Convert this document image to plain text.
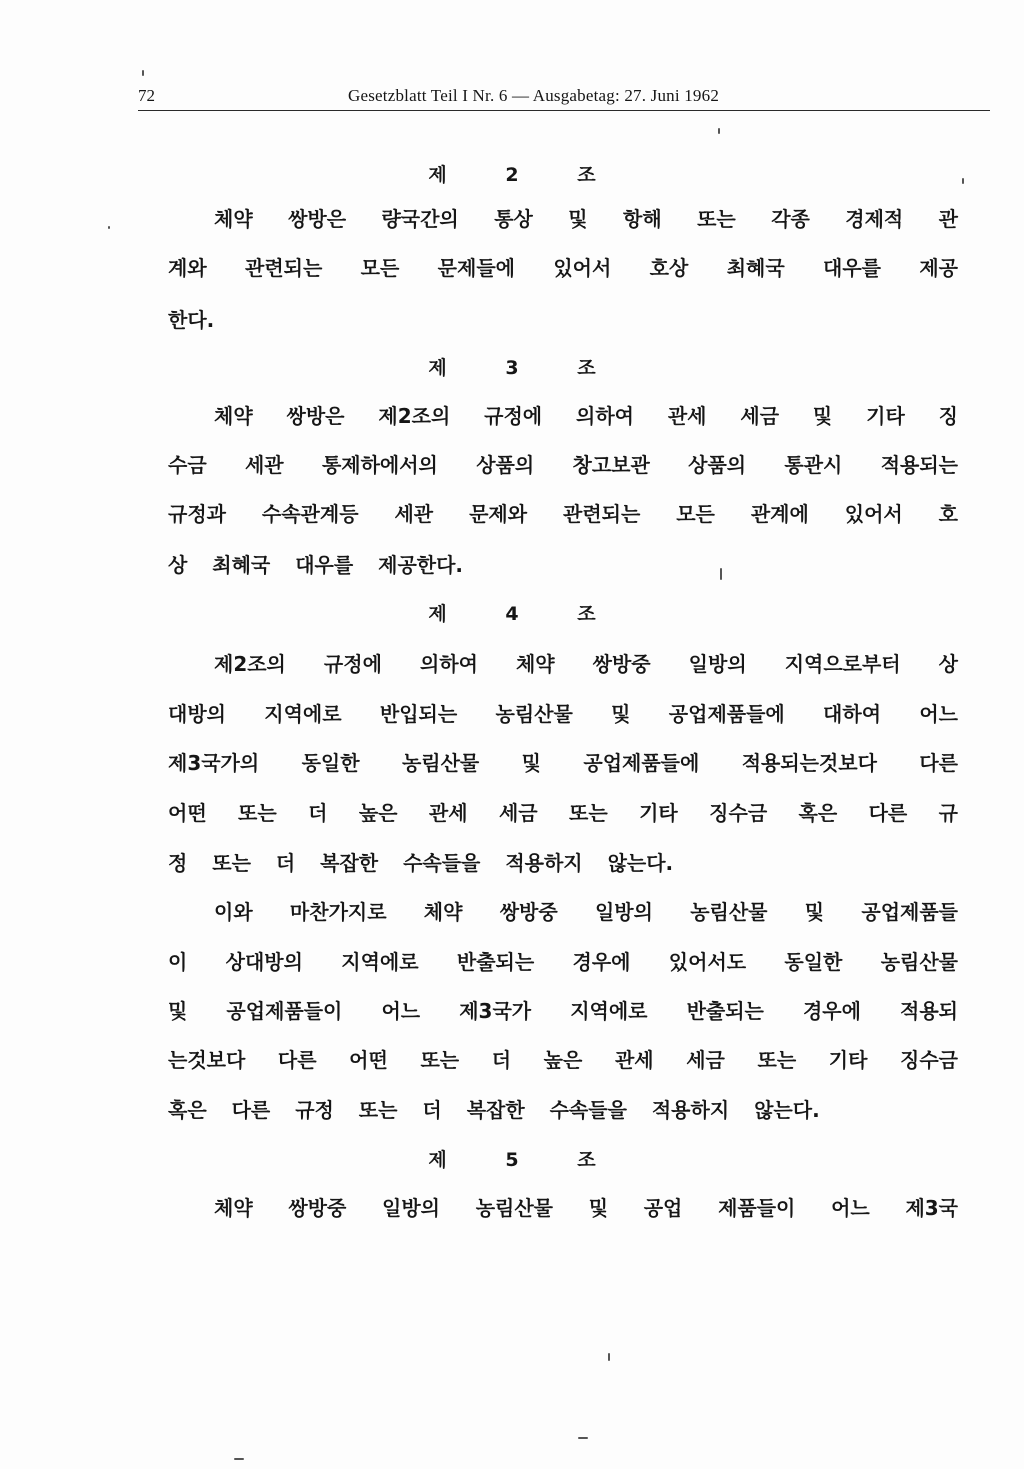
72	Gesetzblatt Teil I Nr. 6 — Ausgabetag: 27. Juni 1962
제 2 조
체약 쌍방은 량국간의 통상 및 항해 또는 각종 경제적 관
계와 관련되는 모든 문제들에 있어서 호상 최혜국 대우를 제공
한다.
제 3 조
체약 쌍방은 제2조의 규정에 의하여 관세 세금 및 기타 징
수금 세관 통제하에서의 상품의 창고보관 상품의 통관시 적용되는
규정과 수속관계등 세관 문제와 관련되는 모든 관계에 있어서 호
상 최혜국 대우를 제공한다.
제 4 조
제2조의 규정에 의하여 체약 쌍방중 일방의 지역으로부터 상
대방의 지역에로 반입되는 농림산물 및 공업제품들에 대하여 어느
제3국가의 동일한 농림산물 및 공업제품들에 적용되는것보다 다른
어떤 또는 더 높은 관세 세금 또는 기타 징수금 혹은 다른 규
정 또는 더 복잡한 수속들을 적용하지 않는다.
이와 마찬가지로 체약 쌍방중 일방의 농림산물 및 공업제품들
이 상대방의 지역에로 반출되는 경우에 있어서도 동일한 농림산물
및 공업제품들이 어느 제3국가 지역에로 반출되는 경우에 적용되
는것보다 다른 어떤 또는 더 높은 관세 세금 또는 기타 징수금
혹은 다른 규정 또는 더 복잡한 수속들을 적용하지 않는다.
제 5 조
체약 쌍방중 일방의 농림산물 및 공업 제품들이 어느 제3국
